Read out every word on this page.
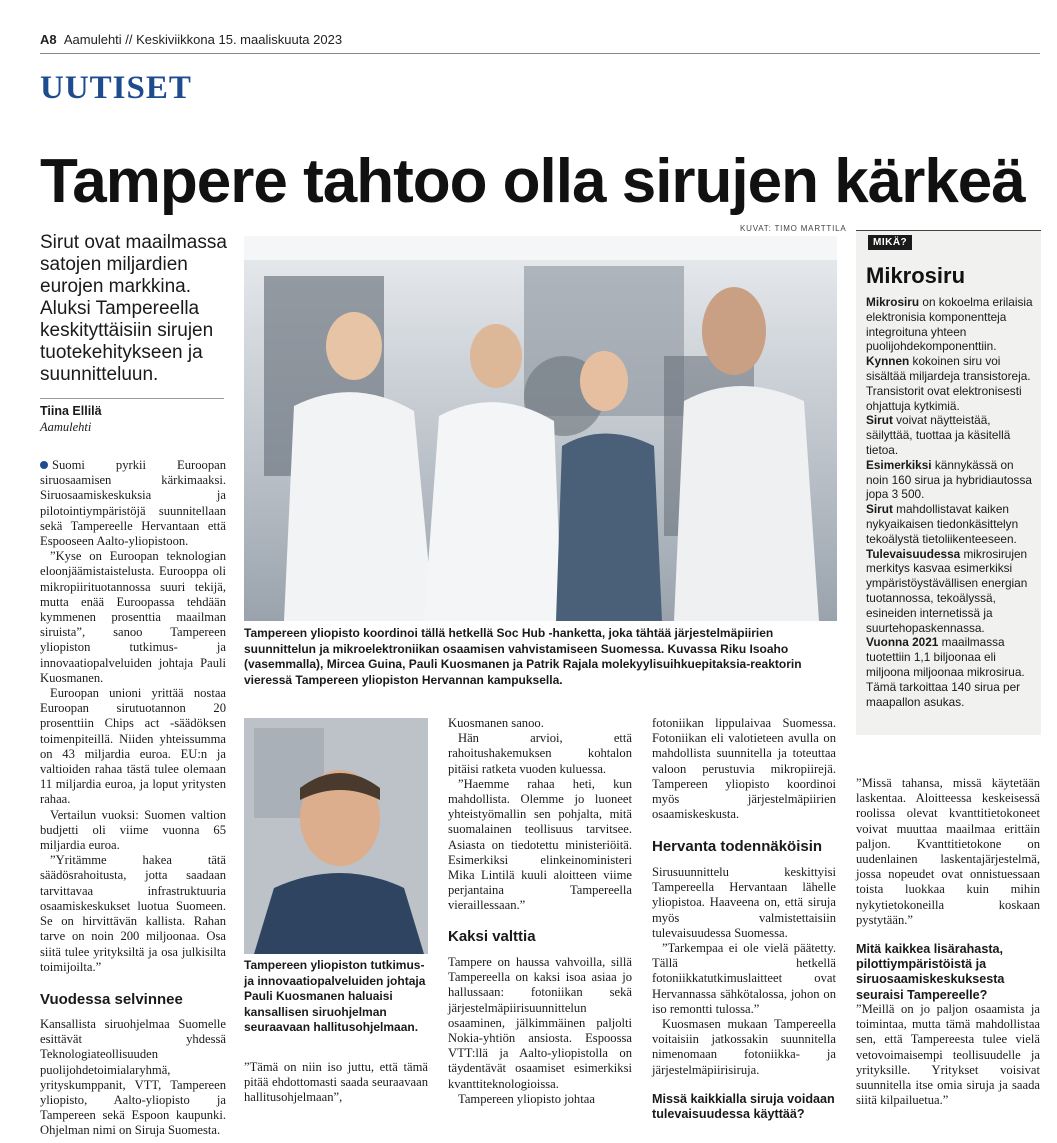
A8 Aamulehti // Keskiviikkona 15. maaliskuuta 2023
UUTISET
Tampere tahtoo olla sirujen kärkeä
Sirut ovat maailmassa satojen miljardien eurojen markkina. Aluksi Tampereella keskityttäisiin sirujen tuotekehitykseen ja suunnitteluun.
Tiina Ellilä
Aamulehti

Suomi pyrkii Euroopan siruosaamisen kärkimaaksi. Siruosaamiskeskuksia ja pilotointiympäristöjä suunnitellaan sekä Tampereelle Hervantaan että Espooseen Aalto-yliopistoon.

”Kyse on Euroopan teknologian eloonjäämistaistelusta. Eurooppa oli mikropiirituotannossa suuri tekijä, mutta enää Euroopassa tehdään kymmenen prosenttia maailman siruista”, sanoo Tampereen yliopiston tutkimus- ja innovaatiopalveluiden johtaja Pauli Kuosmanen.

Euroopan unioni yrittää nostaa Euroopan sirutuotannon 20 prosenttiin Chips act -säädöksen toimenpiteillä. Niiden yhteissumma on 43 miljardia euroa. EU:n ja valtioiden rahaa tästä tulee olemaan 11 miljardia euroa, ja loput yritysten rahaa.

Vertailun vuoksi: Suomen valtion budjetti oli viime vuonna 65 miljardia euroa.

”Yritämme hakea tätä säädösrahoitusta, jotta saadaan tarvittavaa infrastruktuuria osaamiskeskukset luotua Suomeen. Se on hirvittävän kallista. Rahan tarve on noin 200 miljoonaa. Osa siitä tulee yrityksiltä ja osa julkisilta toimijoilta.”

Vuodessa selvinnee

Kansallista siruohjelmaa Suomelle esittävät yhdessä Teknologiateollisuuden puolijohdetoimialaryhmä, yrityskumppanit, VTT, Tampereen yliopisto, Aalto-yliopisto ja Tampereen sekä Espoon kaupunki. Ohjelman nimi on Siruja Suomesta.

KUVAT: TIMO MARTTILA
Tampereen yliopisto koordinoi tällä hetkellä Soc Hub -hanketta, joka tähtää järjestelmäpiirien suunnittelun ja mikroelektroniikan osaamisen vahvistamiseen Suomessa. Kuvassa Riku Isoaho (vasemmalla), Mircea Guina, Pauli Kuosmanen ja Patrik Rajala molekyylisuihkuepitaksia-reaktorin vieressä Tampereen yliopiston Hervannan kampuksella.
Tampereen yliopiston tutkimus- ja innovaatiopalveluiden johtaja Pauli Kuosmanen haluaisi kansallisen siruohjelman seuraavaan hallitusohjelmaan.

”Tämä on niin iso juttu, että tämä pitää ehdottomasti saada seuraavaan hallitusohjelmaan”,

Kuosmanen sanoo.

Hän arvioi, että rahoitushakemuksen kohtalon pitäisi ratketa vuoden kuluessa.

”Haemme rahaa heti, kun mahdollista. Olemme jo luoneet yhteistyömallin sen pohjalta, mitä suomalainen teollisuus tarvitsee. Asiasta on tiedotettu ministeriöitä. Esimerkiksi elinkeinoministeri Mika Lintilä kuuli aloitteen viime perjantaina Tampereella vieraillessaan.”

Kaksi valttia

Tampere on haussa vahvoilla, sillä Tampereella on kaksi isoa asiaa jo hallussaan: fotoniikan sekä järjestelmäpiirisuunnittelun osaaminen, jälkimmäinen paljolti Nokia-yhtiön ansiosta. Espoossa VTT:llä ja Aalto-yliopistolla on täydentävät osaamiset esimerkiksi kvanttiteknologioissa.

Tampereen yliopisto johtaa

fotoniikan lippulaivaa Suomessa. Fotoniikan eli valotieteen avulla on mahdollista suunnitella ja toteuttaa valoon perustuvia mikropiirejä. Tampereen yliopisto koordinoi myös järjestelmäpiirien osaamiskeskusta.

Hervanta todennäköisin

Sirusuunnittelu keskittyisi Tampereella Hervantaan lähelle yliopistoa. Haaveena on, että siruja myös valmistettaisiin tulevaisuudessa Suomessa.

”Tarkempaa ei ole vielä päätetty. Tällä hetkellä fotoniikkatutkimuslaitteet ovat Hervannassa sähkötalossa, johon on iso remontti tulossa.”

Kuosmasen mukaan Tampereella voitaisiin jatkossakin suunnitella nimenomaan fotoniikka- ja järjestelmäpiirisiruja.

Missä kaikkialla siruja voidaan tulevaisuudessa käyttää?
MIKÄ?
Mikrosiru
Mikrosiru on kokoelma erilaisia elektronisia komponentteja integroituna yhteen puolijohdekomponenttiin.
Kynnen kokoinen siru voi sisältää miljardeja transistoreja. Transistorit ovat elektronisesti ohjattuja kytkimiä.
Sirut voivat näytteistää, säilyttää, tuottaa ja käsitellä tietoa.
Esimerkiksi kännykässä on noin 160 sirua ja hybridiautossa jopa 3 500.
Sirut mahdollistavat kaiken nykyaikaisen tiedonkäsittelyn tekoälystä tietoliikenteeseen.
Tulevaisuudessa mikrosirujen merkitys kasvaa esimerkiksi ympäristöystävällisen energian tuotannossa, tekoälyssä, esineiden internetissä ja suurtehopaskennassa.
Vuonna 2021 maailmassa tuotettiin 1,1 biljoonaa eli miljoona miljoonaa mikrosirua. Tämä tarkoittaa 140 sirua per maapallon asukas.

”Missä tahansa, missä käytetään laskentaa. Aloitteessa keskeisessä roolissa olevat kvanttitietokoneet voivat muuttaa maailmaa erittäin paljon. Kvanttitietokone on uudenlainen laskentajärjestelmä, jossa nopeudet ovat onnistuessaan toista luokkaa kuin mihin nykytietokoneilla koskaan pystytään.”

Mitä kaikkea lisärahasta, pilottiympäristöistä ja siruosaamiskeskuksesta seuraisi Tampereelle?

”Meillä on jo paljon osaamista ja toimintaa, mutta tämä mahdollistaa sen, että Tampereesta tulee vielä vetovoimaisempi teollisuudelle ja yrityksille. Yritykset voisivat suunnitella itse omia siruja ja saada siitä kilpailuetua.”
